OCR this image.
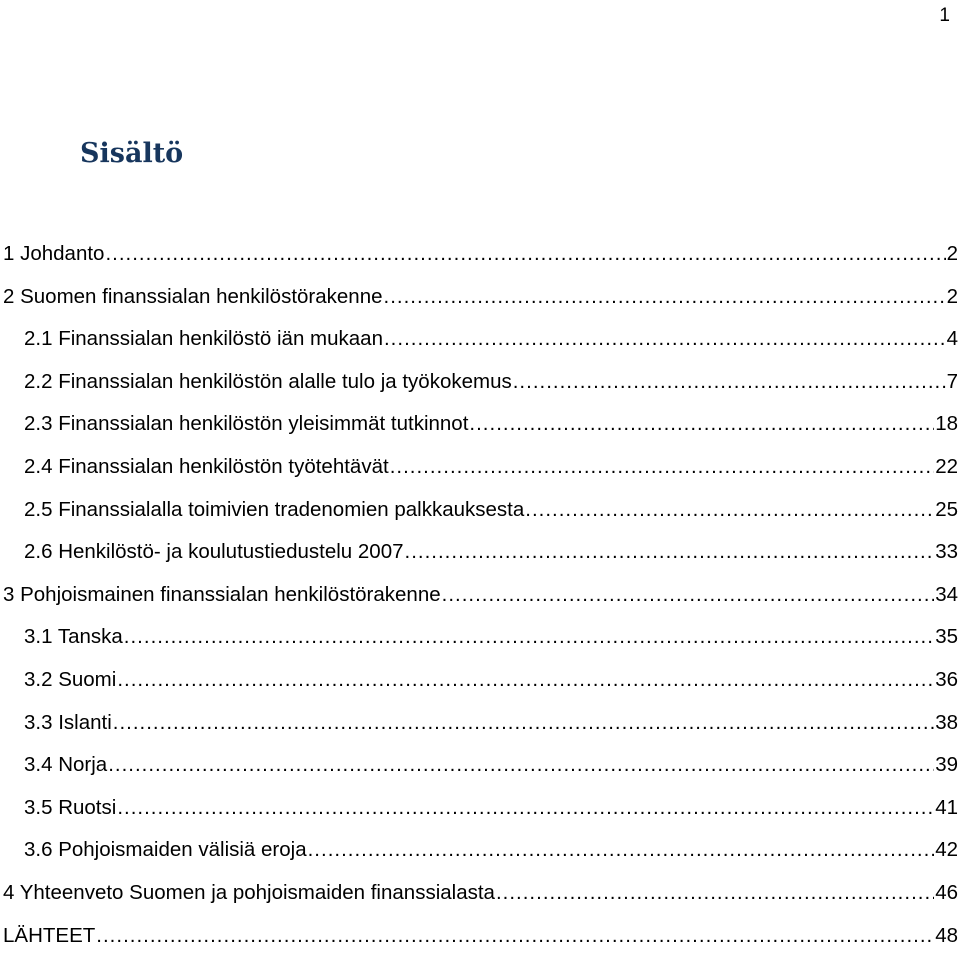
1
Sisältö
1 Johdanto .....	2
2 Suomen finanssialan henkilöstörakenne .....	2
2.1 Finanssialan henkilöstö iän mukaan .....	4
2.2 Finanssialan henkilöstön alalle tulo ja työkokemus .....	7
2.3 Finanssialan henkilöstön yleisimmät tutkinnot .....	18
2.4 Finanssialan henkilöstön työtehtävät .....	22
2.5 Finanssialalla toimivien tradenomien palkkauksesta .....	25
2.6 Henkilöstö- ja koulutustiedustelu 2007 .....	33
3 Pohjoismainen finanssialan henkilöstörakenne .....	34
3.1 Tanska .....	35
3.2 Suomi .....	36
3.3 Islanti .....	38
3.4 Norja .....	39
3.5 Ruotsi .....	41
3.6 Pohjoismaiden välisiä eroja .....	42
4 Yhteenveto Suomen ja pohjoismaiden finanssialasta .....	46
LÄHTEET .....	48
